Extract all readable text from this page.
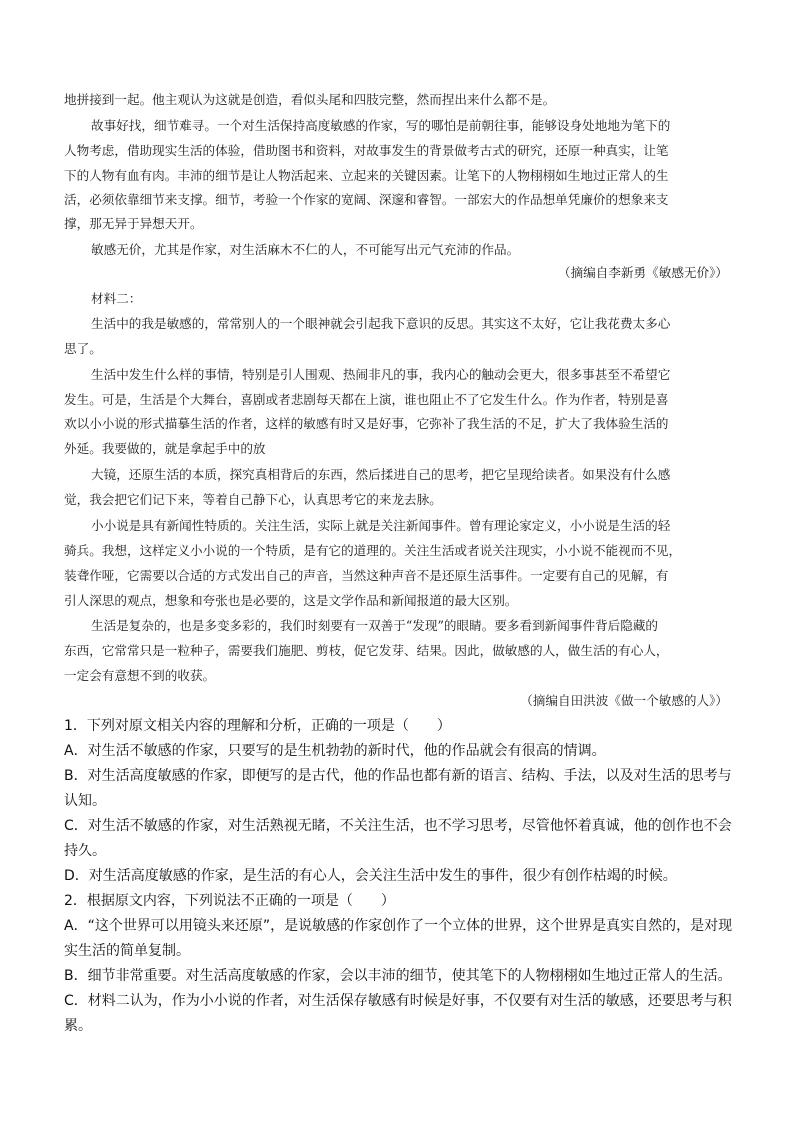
地拼接到一起。他主观认为这就是创造，看似头尾和四肢完整，然而捏出来什么都不是。

故事好找，细节难寻。一个对生活保持高度敏感的作家，写的哪怕是前朝往事，能够设身处地地为笔下的

人物考虑，借助现实生活的体验，借助图书和资料，对故事发生的背景做考古式的研究，还原一种真实，让笔

下的人物有血有肉。丰沛的细节是让人物活起来、立起来的关键因素。让笔下的人物栩栩如生地过正常人的生

活，必须依靠细节来支撑。细节，考验一个作家的宽阔、深邃和睿智。一部宏大的作品想单凭廉价的想象来支

撑，那无异于异想天开。

敏感无价，尤其是作家，对生活麻木不仁的人，不可能写出元气充沛的作品。

（摘编自李新勇《敏感无价》）

材料二：

生活中的我是敏感的，常常别人的一个眼神就会引起我下意识的反思。其实这不太好，它让我花费太多心

思了。

生活中发生什么样的事情，特别是引人围观、热闹非凡的事，我内心的触动会更大，很多事甚至不希望它

发生。可是，生活是个大舞台，喜剧或者悲剧每天都在上演，谁也阻止不了它发生什么。作为作者，特别是喜

欢以小小说的形式描摹生活的作者，这样的敏感有时又是好事，它弥补了我生活的不足，扩大了我体验生活的

外延。我要做的，就是拿起手中的放

大镜，还原生活的本质，探究真相背后的东西，然后揉进自己的思考，把它呈现给读者。如果没有什么感

觉，我会把它们记下来，等着自己静下心，认真思考它的来龙去脉。

小小说是具有新闻性特质的。关注生活，实际上就是关注新闻事件。曾有理论家定义，小小说是生活的轻

骑兵。我想，这样定义小小说的一个特质，是有它的道理的。关注生活或者说关注现实，小小说不能视而不见，

装聋作哑，它需要以合适的方式发出自己的声音，当然这种声音不是还原生活事件。一定要有自己的见解，有

引人深思的观点，想象和夸张也是必要的，这是文学作品和新闻报道的最大区别。

生活是复杂的，也是多变多彩的，我们时刻要有一双善于“发现”的眼睛。要多看到新闻事件背后隐藏的

东西，它常常只是一粒种子，需要我们施肥、剪枝，促它发芽、结果。因此，做敏感的人，做生活的有心人，

一定会有意想不到的收获。

（摘编自田洪波《做一个敏感的人》）

1．下列对原文相关内容的理解和分析，正确的一项是（　　）

A．对生活不敏感的作家，只要写的是生机勃勃的新时代，他的作品就会有很高的情调。

B．对生活高度敏感的作家，即便写的是古代，他的作品也都有新的语言、结构、手法，以及对生活的思考与

认知。

C．对生活不敏感的作家，对生活熟视无睹，不关注生活，也不学习思考，尽管他怀着真诚，他的创作也不会

持久。

D．对生活高度敏感的作家，是生活的有心人，会关注生活中发生的事件，很少有创作枯竭的时候。

2．根据原文内容，下列说法不正确的一项是（　　）

A．“这个世界可以用镜头来还原”，是说敏感的作家创作了一个立体的世界，这个世界是真实自然的，是对现

实生活的简单复制。

B．细节非常重要。对生活高度敏感的作家，会以丰沛的细节，使其笔下的人物栩栩如生地过正常人的生活。

C．材料二认为，作为小小说的作者，对生活保存敏感有时候是好事，不仅要有对生活的敏感，还要思考与积

累。
